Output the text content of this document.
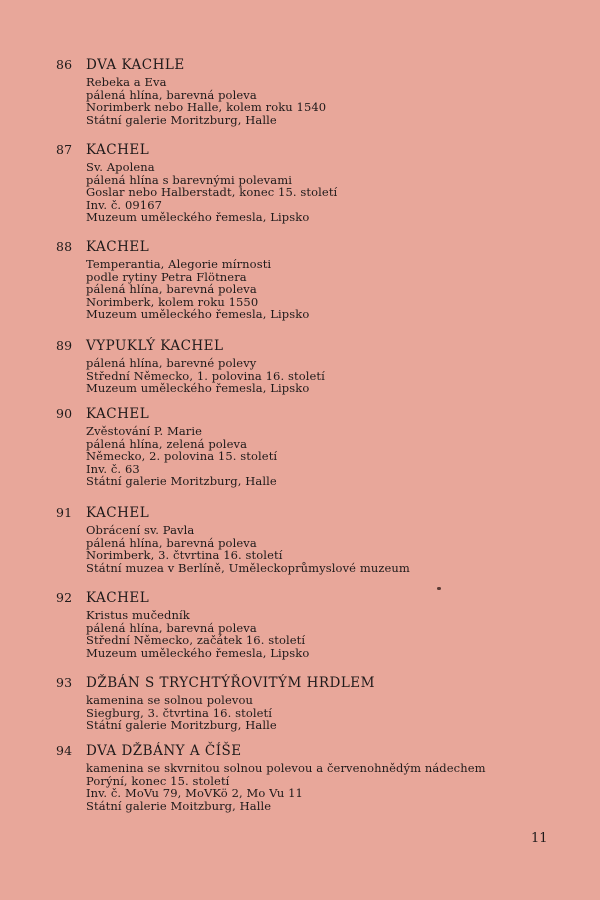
86 DVA KACHLE
Rebeka a Eva
pálená hlína, barevná poleva
Norimberk nebo Halle, kolem roku 1540
Státní galerie Moritzburg, Halle
87 KACHEL
Sv. Apolena
pálená hlína s barevnými polevami
Goslar nebo Halberstadt, konec 15. století
Inv. č. 09167
Muzeum uměleckého řemesla, Lipsko
88 KACHEL
Temperantia, Alegorie mírnosti
podle rytiny Petra Flötnera
pálená hlína, barevná poleva
Norimberk, kolem roku 1550
Muzeum uměleckého řemesla, Lipsko
89 VYPUKLÝ KACHEL
pálená hlína, barevné polevy
Střední Německo, 1. polovina 16. století
Muzeum uměleckého řemesla, Lipsko
90 KACHEL
Zvěstování P. Marie
pálená hlína, zelená poleva
Německo, 2. polovina 15. století
Inv. č. 63
Státní galerie Moritzburg, Halle
91 KACHEL
Obrácení sv. Pavla
pálená hlína, barevná poleva
Norimberk, 3. čtvrtina 16. století
Státní muzea v Berlíně, Uměleckoprůmyslové muzeum
92 KACHEL
Kristus mučedník
pálená hlína, barevná poleva
Střední Německo, začátek 16. století
Muzeum uměleckého řemesla, Lipsko
93 DŽBÁN S TRYCHTÝŘOVITÝM HRDLEM
kamenina se solnou polevou
Siegburg, 3. čtvrtina 16. století
Státní galerie Moritzburg, Halle
94 DVA DŽBÁNY A ČÍŠE
kamenina se skvrnitou solnou polevou a červenohnědým nádechem
Porýní, konec 15. století
Inv. č. MoVu 79, MoVKö 2, Mo Vu 11
Státní galerie Moitzburg, Halle
11
